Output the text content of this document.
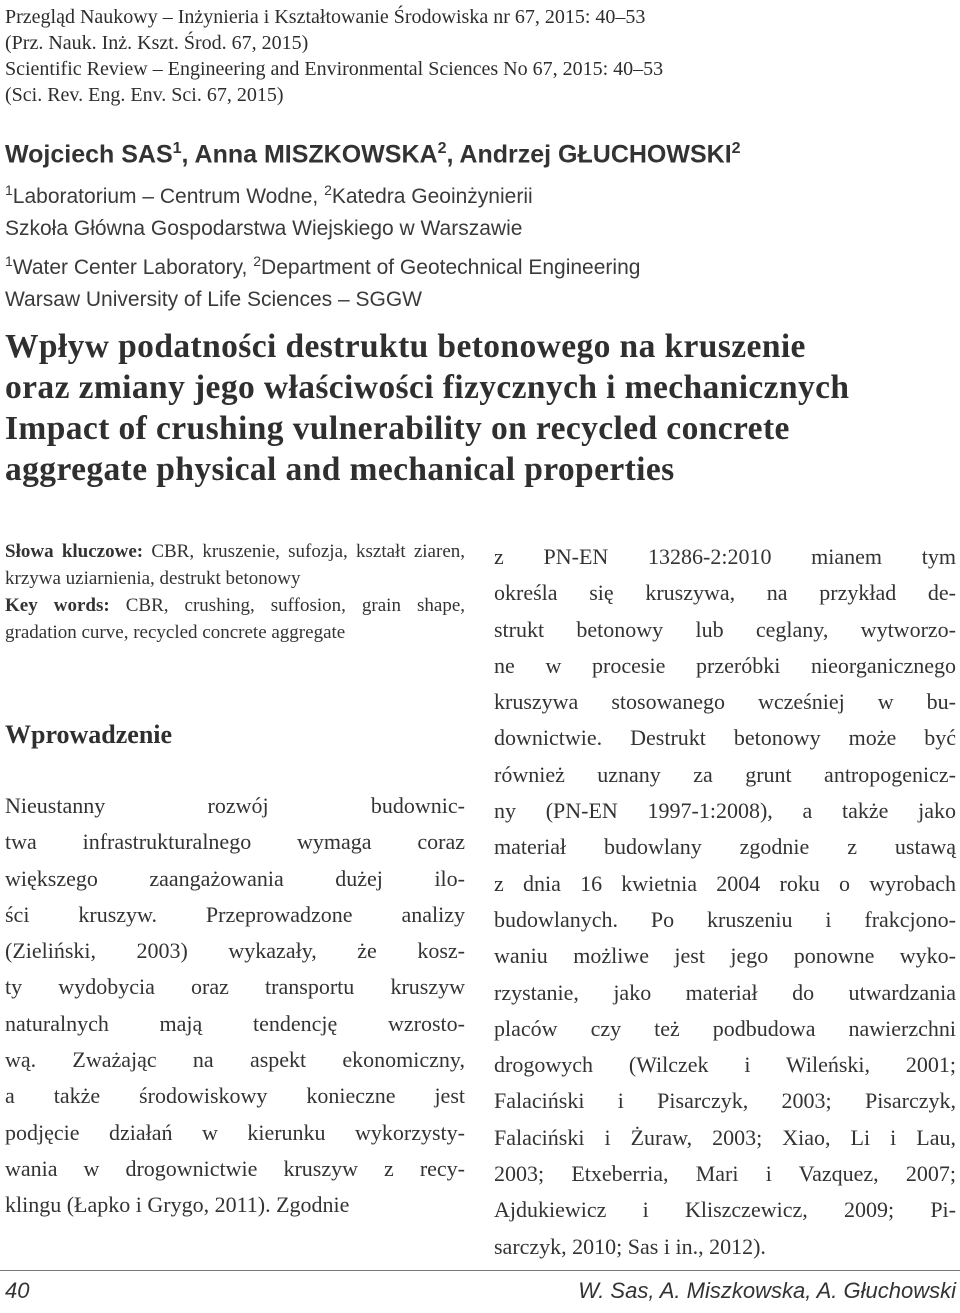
Przegląd Naukowy – Inżynieria i Kształtowanie Środowiska nr 67, 2015: 40–53
(Prz. Nauk. Inż. Kszt. Środ. 67, 2015)
Scientific Review – Engineering and Environmental Sciences No 67, 2015: 40–53
(Sci. Rev. Eng. Env. Sci. 67, 2015)
Wojciech SAS$^1$, Anna MISZKOWSKA$^2$, Andrzej GŁUCHOWSKI$^2$
$^1$Laboratorium – Centrum Wodne, $^2$Katedra Geoinżynierii
Szkoła Główna Gospodarstwa Wiejskiego w Warszawie
$^1$Water Center Laboratory, $^2$Department of Geotechnical Engineering
Warsaw University of Life Sciences – SGGW
Wpływ podatności destruktu betonowego na kruszenie
oraz zmiany jego właściwości fizycznych i mechanicznych
Impact of crushing vulnerability on recycled concrete
aggregate physical and mechanical properties
Słowa kluczowe: CBR, kruszenie, sufozja, kształt ziaren, krzywa uziarnienia, destrukt betonowy
Key words: CBR, crushing, suffosion, grain shape, gradation curve, recycled concrete aggregate
Wprowadzenie
Nieustanny rozwój budownic-
twa infrastrukturalnego wymaga coraz
większego zaangażowania dużej ilo-
ści kruszyw. Przeprowadzone analizy
(Zieliński, 2003) wykazały, że kosz-
ty wydobycia oraz transportu kruszyw
naturalnych mają tendencję wzrosto-
wą. Zważając na aspekt ekonomiczny,
a także środowiskowy konieczne jest
podjęcie działań w kierunku wykorzysty-
wania w drogownictwie kruszyw z recy-
klingu (Łapko i Grygo, 2011). Zgodnie
z PN-EN 13286-2:2010 mianem tym
określa się kruszywa, na przykład de-
strukt betonowy lub ceglany, wytworzo-
ne w procesie przeróbki nieorganicznego
kruszywa stosowanego wcześniej w bu-
downictwie. Destrukt betonowy może być
również uznany za grunt antropogenicz-
ny (PN-EN 1997-1:2008), a także jako
materiał budowlany zgodnie z ustawą
z dnia 16 kwietnia 2004 roku o wyrobach
budowlanych. Po kruszeniu i frakcjono-
waniu możliwe jest jego ponowne wyko-
rzystanie, jako materiał do utwardzania
placów czy też podbudowa nawierzchni
drogowych (Wilczek i Wileński, 2001;
Falaciński i Pisarczyk, 2003; Pisarczyk,
Falaciński i Żuraw, 2003; Xiao, Li i Lau,
2003; Etxeberria, Mari i Vazquez, 2007;
Ajdukiewicz i Kliszczewicz, 2009; Pi-
sarczyk, 2010; Sas i in., 2012).
40	W. Sas, A. Miszkowska, A. Głuchowski
